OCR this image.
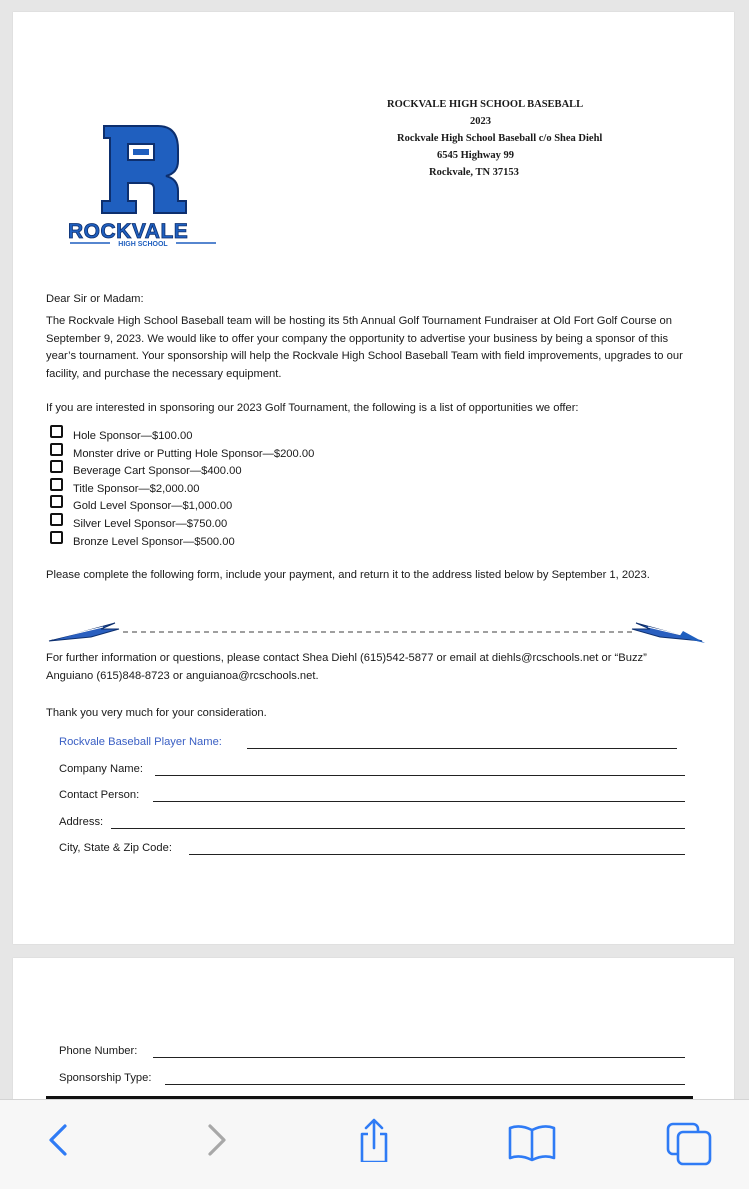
ROCKVALE
HIGH SCHOOL
ROCKVALE HIGH SCHOOL BASEBALL
2023
Rockvale High School Baseball c/o Shea Diehl
6545 Highway 99
Rockvale, TN 37153
Dear Sir or Madam:
The Rockvale High School Baseball team will be hosting its 5th Annual Golf Tournament Fundraiser at Old Fort Golf Course on September 9, 2023. We would like to offer your company the opportunity to advertise your business by being a sponsor of this year’s tournament. Your sponsorship will help the Rockvale High School Baseball Team with field improvements, upgrades to our facility, and purchase the necessary equipment.
If you are interested in sponsoring our 2023 Golf Tournament, the following is a list of opportunities we offer:
Hole Sponsor—$100.00
Monster drive or Putting Hole Sponsor—$200.00
Beverage Cart Sponsor—$400.00
Title Sponsor—$2,000.00
Gold Level Sponsor—$1,000.00
Silver Level Sponsor—$750.00
Bronze Level Sponsor—$500.00
Please complete the following form, include your payment, and return it to the address listed below by September 1, 2023.
For further information or questions, please contact Shea Diehl (615)542-5877 or email at diehls@rcschools.net or “Buzz” Anguiano (615)848-8723 or anguianoa@rcschools.net.
Thank you very much for your consideration.
Rockvale Baseball Player Name:
Company Name:
Contact Person:
Address:
City, State & Zip Code:
Phone Number:
Sponsorship Type:
